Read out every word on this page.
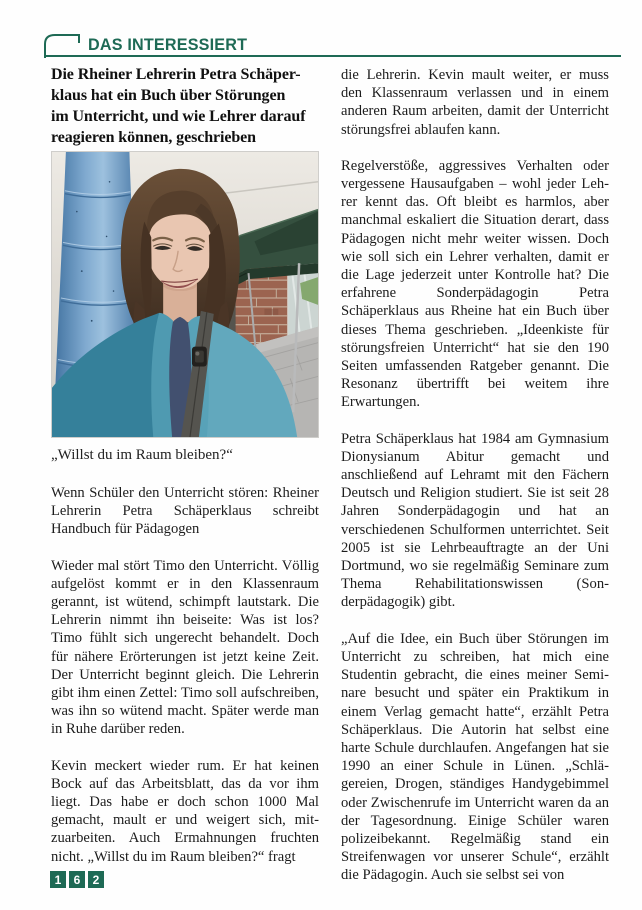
DAS INTERESSIERT
Die Rheiner Lehrerin Petra Schäper-
klaus hat ein Buch über Störungen
im Unterricht, und wie Lehrer darauf
reagieren können, geschrieben

„Willst du im Raum bleiben?“

Wenn Schüler den Unterricht stören: Rheiner Lehrerin Petra Schäperklaus schreibt Handbuch für Pädagogen

Wieder mal stört Timo den Unterricht. Völlig aufgelöst kommt er in den Klassenraum gerannt, ist wütend, schimpft lautstark. Die Lehrerin nimmt ihn beiseite: Was ist los? Timo fühlt sich ungerecht behandelt. Doch für nähere Erörterungen ist jetzt keine Zeit. Der Unterricht beginnt gleich. Die Lehrerin gibt ihm einen Zettel: Timo soll aufschreiben, was ihn so wütend macht. Später werde man in Ruhe darüber reden.

Kevin meckert wieder rum. Er hat keinen Bock auf das Arbeitsblatt, das da vor ihm liegt. Das habe er doch schon 1000 Mal gemacht, mault er und weigert sich, mitzuarbeiten. Auch Ermahnungen fruchten nicht. „Willst du im Raum bleiben?“ fragt

die Lehrerin. Kevin mault weiter, er muss den Klassenraum verlassen und in einem anderen Raum arbeiten, damit der Unterricht störungsfrei ablaufen kann.

Regelverstöße, aggressives Verhalten oder vergessene Hausaufgaben – wohl jeder Lehrer kennt das. Oft bleibt es harmlos, aber manchmal eskaliert die Situation derart, dass Pädagogen nicht mehr weiter wissen. Doch wie soll sich ein Lehrer verhalten, damit er die Lage jederzeit unter Kontrolle hat? Die erfahrene Sonderpädagogin Petra Schäperklaus aus Rheine hat ein Buch über dieses Thema geschrieben. „Ideenkiste für störungsfreien Unterricht“ hat sie den 190 Seiten umfassenden Ratgeber genannt. Die Resonanz übertrifft bei weitem ihre Erwartungen.

Petra Schäperklaus hat 1984 am Gymnasium Dionysianum Abitur gemacht und anschließend auf Lehramt mit den Fächern Deutsch und Religion studiert. Sie ist seit 28 Jahren Sonderpädagogin und hat an verschiedenen Schulformen unterrichtet. Seit 2005 ist sie Lehrbeauftragte an der Uni Dortmund, wo sie regelmäßig Seminare zum Thema Rehabilitationswissen (Sonderpädagogik) gibt.

„Auf die Idee, ein Buch über Störungen im Unterricht zu schreiben, hat mich eine Studentin gebracht, die eines meiner Seminare besucht und später ein Praktikum in einem Verlag gemacht hatte“, erzählt Petra Schäperklaus. Die Autorin hat selbst eine harte Schule durchlaufen. Angefangen hat sie 1990 an einer Schule in Lünen. „Schlägereien, Drogen, ständiges Handygebimmel oder Zwischenrufe im Unterricht waren da an der Tagesordnung. Einige Schüler waren polizeibekannt. Regelmäßig stand ein Streifenwagen vor unserer Schule“, erzählt die Pädagogin. Auch sie selbst sei von

1	6	2
